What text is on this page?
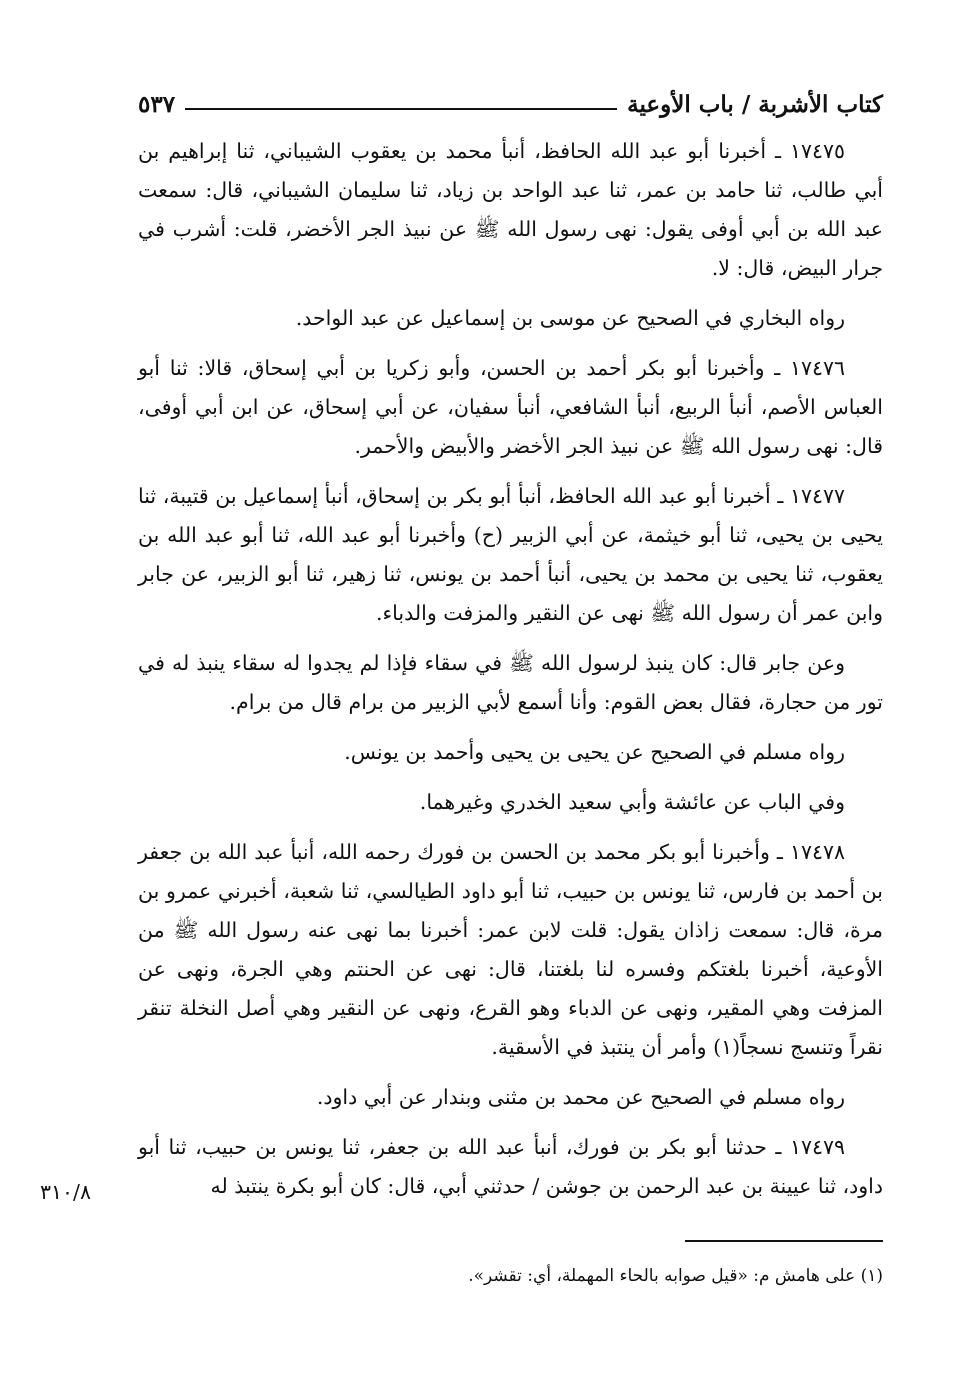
كتاب الأشربة / باب الأوعية
٥٣٧

١٧٤٧٥ ـ أخبرنا أبو عبد الله الحافظ، أنبأ محمد بن يعقوب الشيباني، ثنا إبراهيم بن أبي طالب، ثنا حامد بن عمر، ثنا عبد الواحد بن زياد، ثنا سليمان الشيباني، قال: سمعت عبد الله بن أبي أوفى يقول: نهى رسول الله ﷺ عن نبيذ الجر الأخضر، قلت: أشرب في جرار البيض، قال: لا.

رواه البخاري في الصحيح عن موسى بن إسماعيل عن عبد الواحد.

١٧٤٧٦ ـ وأخبرنا أبو بكر أحمد بن الحسن، وأبو زكريا بن أبي إسحاق، قالا: ثنا أبو العباس الأصم، أنبأ الربيع، أنبأ الشافعي، أنبأ سفيان، عن أبي إسحاق، عن ابن أبي أوفى، قال: نهى رسول الله ﷺ عن نبيذ الجر الأخضر والأبيض والأحمر.

١٧٤٧٧ ـ أخبرنا أبو عبد الله الحافظ، أنبأ أبو بكر بن إسحاق، أنبأ إسماعيل بن قتيبة، ثنا يحيى بن يحيى، ثنا أبو خيثمة، عن أبي الزبير (ح) وأخبرنا أبو عبد الله، ثنا أبو عبد الله بن يعقوب، ثنا يحيى بن محمد بن يحيى، أنبأ أحمد بن يونس، ثنا زهير، ثنا أبو الزبير، عن جابر وابن عمر أن رسول الله ﷺ نهى عن النقير والمزفت والدباء.

وعن جابر قال: كان ينبذ لرسول الله ﷺ في سقاء فإذا لم يجدوا له سقاء ينبذ له في تور من حجارة، فقال بعض القوم: وأنا أسمع لأبي الزبير من برام قال من برام.

رواه مسلم في الصحيح عن يحيى بن يحيى وأحمد بن يونس.

وفي الباب عن عائشة وأبي سعيد الخدري وغيرهما.

١٧٤٧٨ ـ وأخبرنا أبو بكر محمد بن الحسن بن فورك رحمه الله، أنبأ عبد الله بن جعفر بن أحمد بن فارس، ثنا يونس بن حبيب، ثنا أبو داود الطيالسي، ثنا شعبة، أخبرني عمرو بن مرة، قال: سمعت زاذان يقول: قلت لابن عمر: أخبرنا بما نهى عنه رسول الله ﷺ من الأوعية، أخبرنا بلغتكم وفسره لنا بلغتنا، قال: نهى عن الحنتم وهي الجرة، ونهى عن المزفت وهي المقير، ونهى عن الدباء وهو القرع، ونهى عن النقير وهي أصل النخلة تنقر نقراً وتنسج نسجاً(١) وأمر أن ينتبذ في الأسقية.

رواه مسلم في الصحيح عن محمد بن مثنى وبندار عن أبي داود.

١٧٤٧٩ ـ حدثنا أبو بكر بن فورك، أنبأ عبد الله بن جعفر، ثنا يونس بن حبيب، ثنا أبو داود، ثنا عيينة بن عبد الرحمن بن جوشن / حدثني أبي، قال: كان أبو بكرة ينتبذ له

٣١٠/٨
(١) على هامش م: «قيل صوابه بالحاء المهملة، أي: تقشر».
